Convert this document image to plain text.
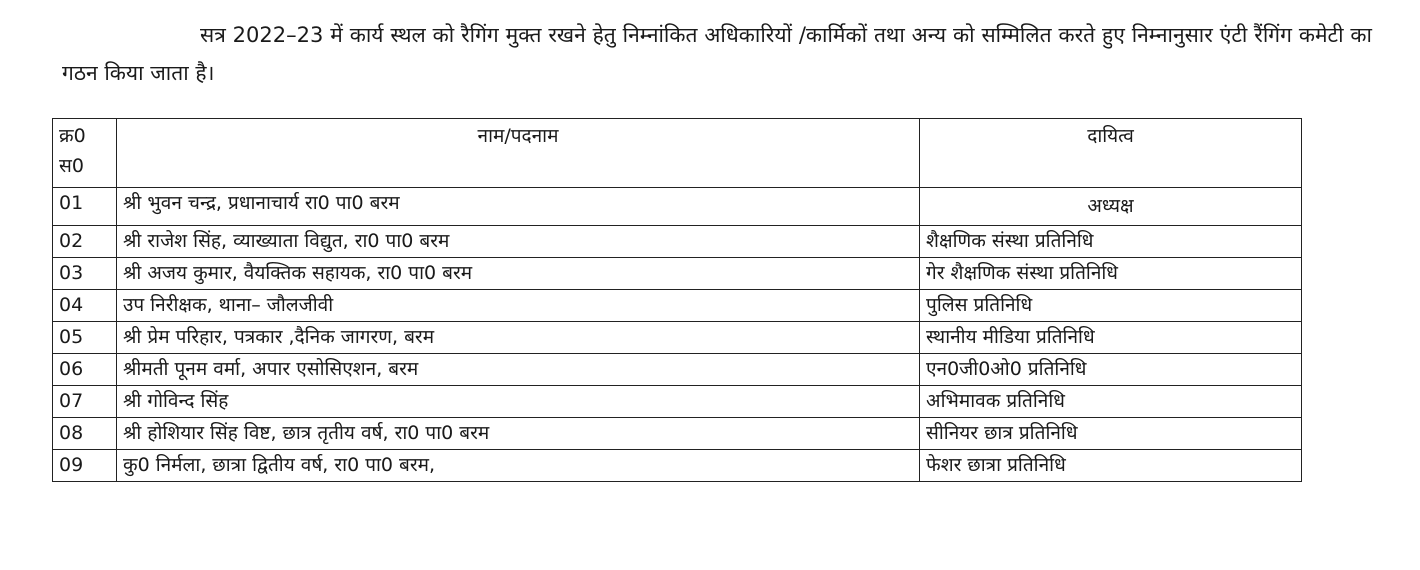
सत्र 2022–23 में कार्य स्थल को रैगिंग मुक्त रखने हेतु निम्नांकित अधिकारियों /कार्मिकों तथा अन्य को सम्मिलित करते हुए निम्नानुसार एंटी रैंगिंग कमेटी का गठन किया जाता है।

क्र0 स0	नाम/पदनाम	दायित्व
01	श्री भुवन चन्द्र, प्रधानाचार्य रा0 पा0 बरम	अध्यक्ष
02	श्री राजेश सिंह, व्याख्याता विद्युत, रा0 पा0 बरम	शैक्षणिक संस्था प्रतिनिधि
03	श्री अजय कुमार, वैयक्तिक सहायक, रा0 पा0 बरम	गेर शैक्षणिक संस्था प्रतिनिधि
04	उप निरीक्षक, थाना– जौलजीवी	पुलिस प्रतिनिधि
05	श्री प्रेम परिहार, पत्रकार ,दैनिक जागरण, बरम	स्थानीय मीडिया प्रतिनिधि
06	श्रीमती पूनम वर्मा, अपार एसोसिएशन, बरम	एन0जी0ओ0 प्रतिनिधि
07	श्री गोविन्द सिंह	अभिमावक प्रतिनिधि
08	श्री होशियार सिंह विष्ट, छात्र तृतीय वर्ष, रा0 पा0 बरम	सीनियर छात्र प्रतिनिधि
09	कु0 निर्मला, छात्रा द्वितीय वर्ष, रा0 पा0 बरम,	फेशर छात्रा प्रतिनिधि
